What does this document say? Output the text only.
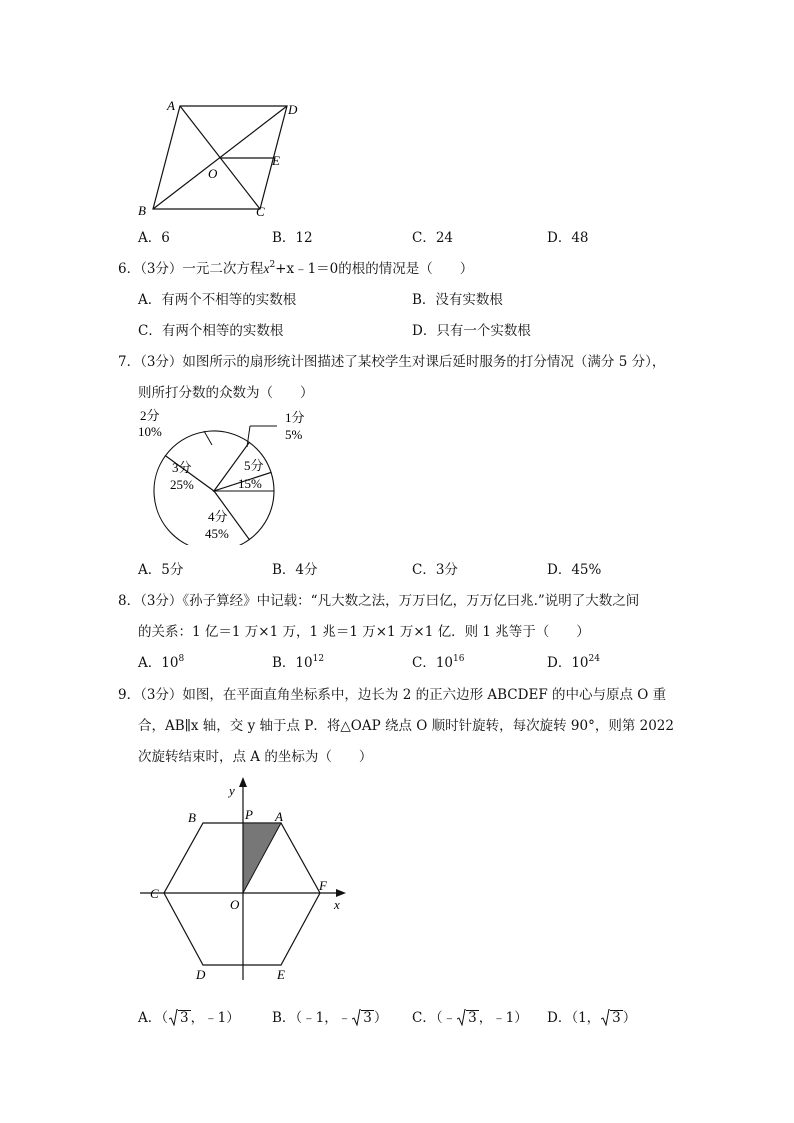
A	D
E
O
B	C
A．6	B．12	C．24	D．48
6．（3分）一元二次方程$x^2+x﹣1=0$的根的情况是（　　）
A．有两个不相等的实数根	B．没有实数根
C．有两个相等的实数根	D．只有一个实数根
7．（3分）如图所示的扇形统计图描述了某校学生对课后延时服务的打分情况（满分 5 分），
则所打分数的众数为（　　）
2分
10%
1分
5%
3分
25%
5分
15%
4分
45%
A．5分	B．4分	C．3分	D．45%
8．（3分）《孙子算经》中记载：“凡大数之法，万万曰亿，万万亿曰兆.”说明了大数之间
的关系：1 亿＝1 万×1 万，1 兆＝1 万×1 万×1 亿．则 1 兆等于（　　）
A．$10^8$	B．$10^{12}$	C．$10^{16}$	D．$10^{24}$
9．（3分）如图，在平面直角坐标系中，边长为 2 的正六边形 ABCDEF 的中心与原点 O 重
合，AB∥x 轴，交 y 轴于点 P．将△OAP 绕点 O 顺时针旋转，每次旋转 90°，则第 2022
次旋转结束时，点 A 的坐标为（　　）
y
x
P A
B
C
F
O
D	E
A．（ 3 ，﹣1） B．（﹣1，﹣ 3 ） C．（﹣ 3 ，﹣1） D．（1， 3 ）
